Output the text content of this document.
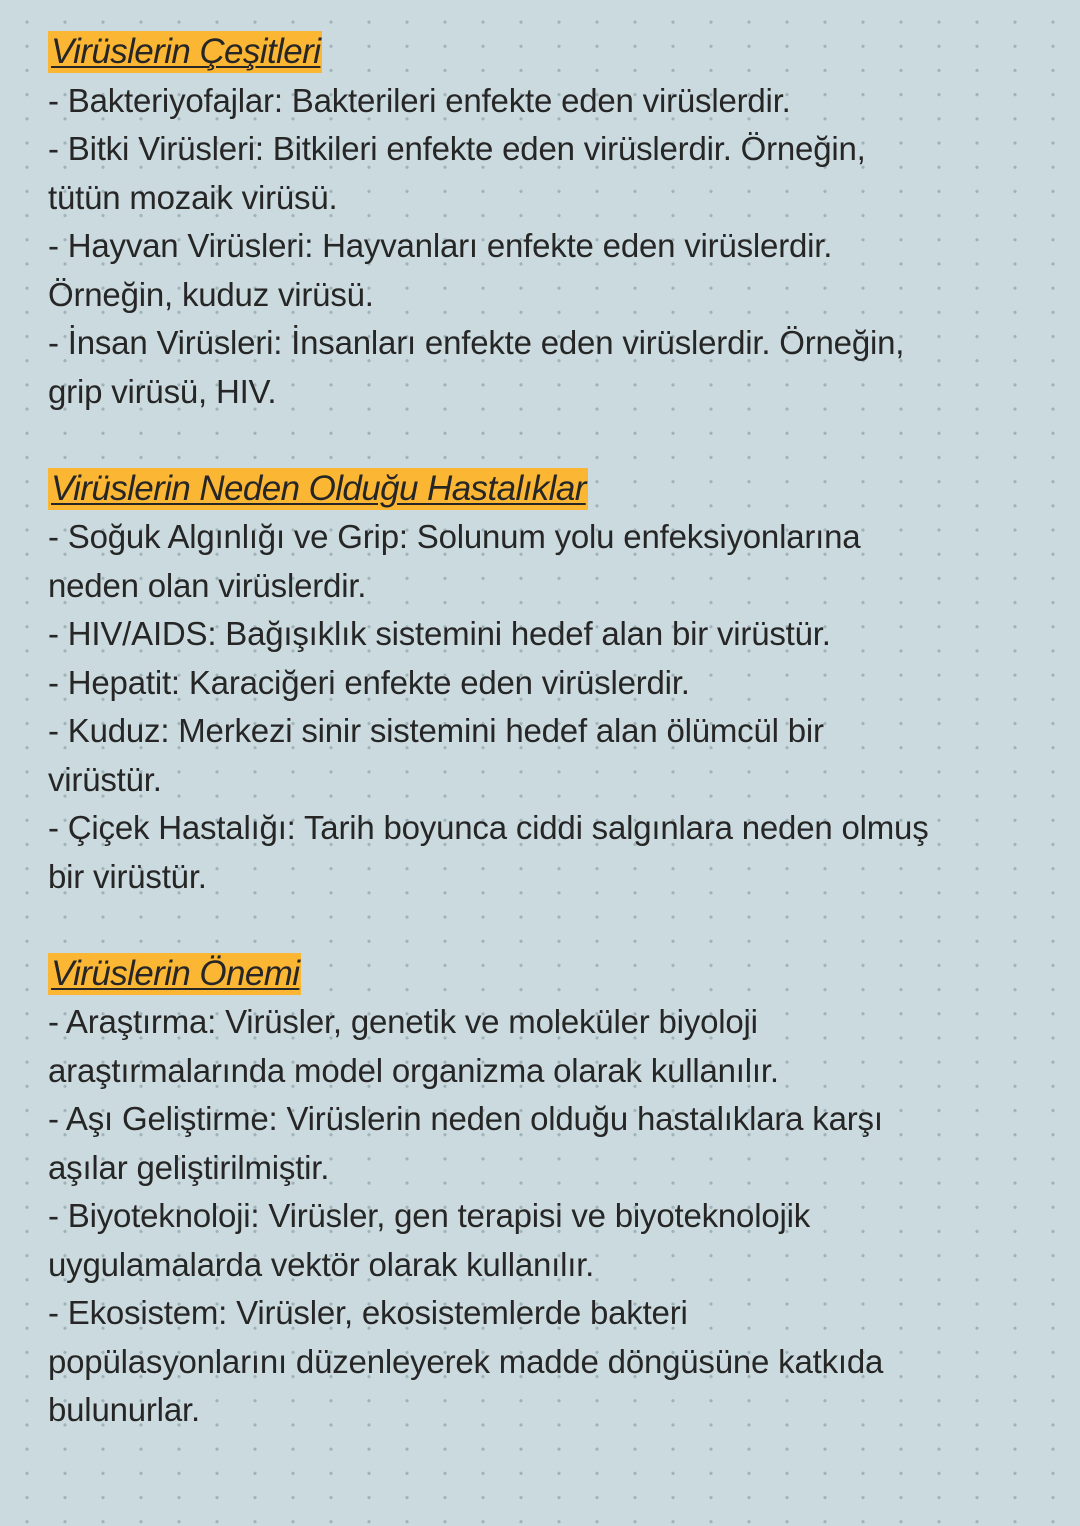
Virüslerin Çeşitleri

- Bakteriyofajlar: Bakterileri enfekte eden virüslerdir.

- Bitki Virüsleri: Bitkileri enfekte eden virüslerdir. Örneğin,

tütün mozaik virüsü.

- Hayvan Virüsleri: Hayvanları enfekte eden virüslerdir.

Örneğin, kuduz virüsü.

- İnsan Virüsleri: İnsanları enfekte eden virüslerdir. Örneğin,

grip virüsü, HIV.

Virüslerin Neden Olduğu Hastalıklar

- Soğuk Algınlığı ve Grip: Solunum yolu enfeksiyonlarına

neden olan virüslerdir.

- HIV/AIDS: Bağışıklık sistemini hedef alan bir virüstür.

- Hepatit: Karaciğeri enfekte eden virüslerdir.

- Kuduz: Merkezi sinir sistemini hedef alan ölümcül bir

virüstür.

- Çiçek Hastalığı: Tarih boyunca ciddi salgınlara neden olmuş

bir virüstür.

Virüslerin Önemi

- Araştırma: Virüsler, genetik ve moleküler biyoloji

araştırmalarında model organizma olarak kullanılır.

- Aşı Geliştirme: Virüslerin neden olduğu hastalıklara karşı

aşılar geliştirilmiştir.

- Biyoteknoloji: Virüsler, gen terapisi ve biyoteknolojik

uygulamalarda vektör olarak kullanılır.

- Ekosistem: Virüsler, ekosistemlerde bakteri

popülasyonlarını düzenleyerek madde döngüsüne katkıda

bulunurlar.
